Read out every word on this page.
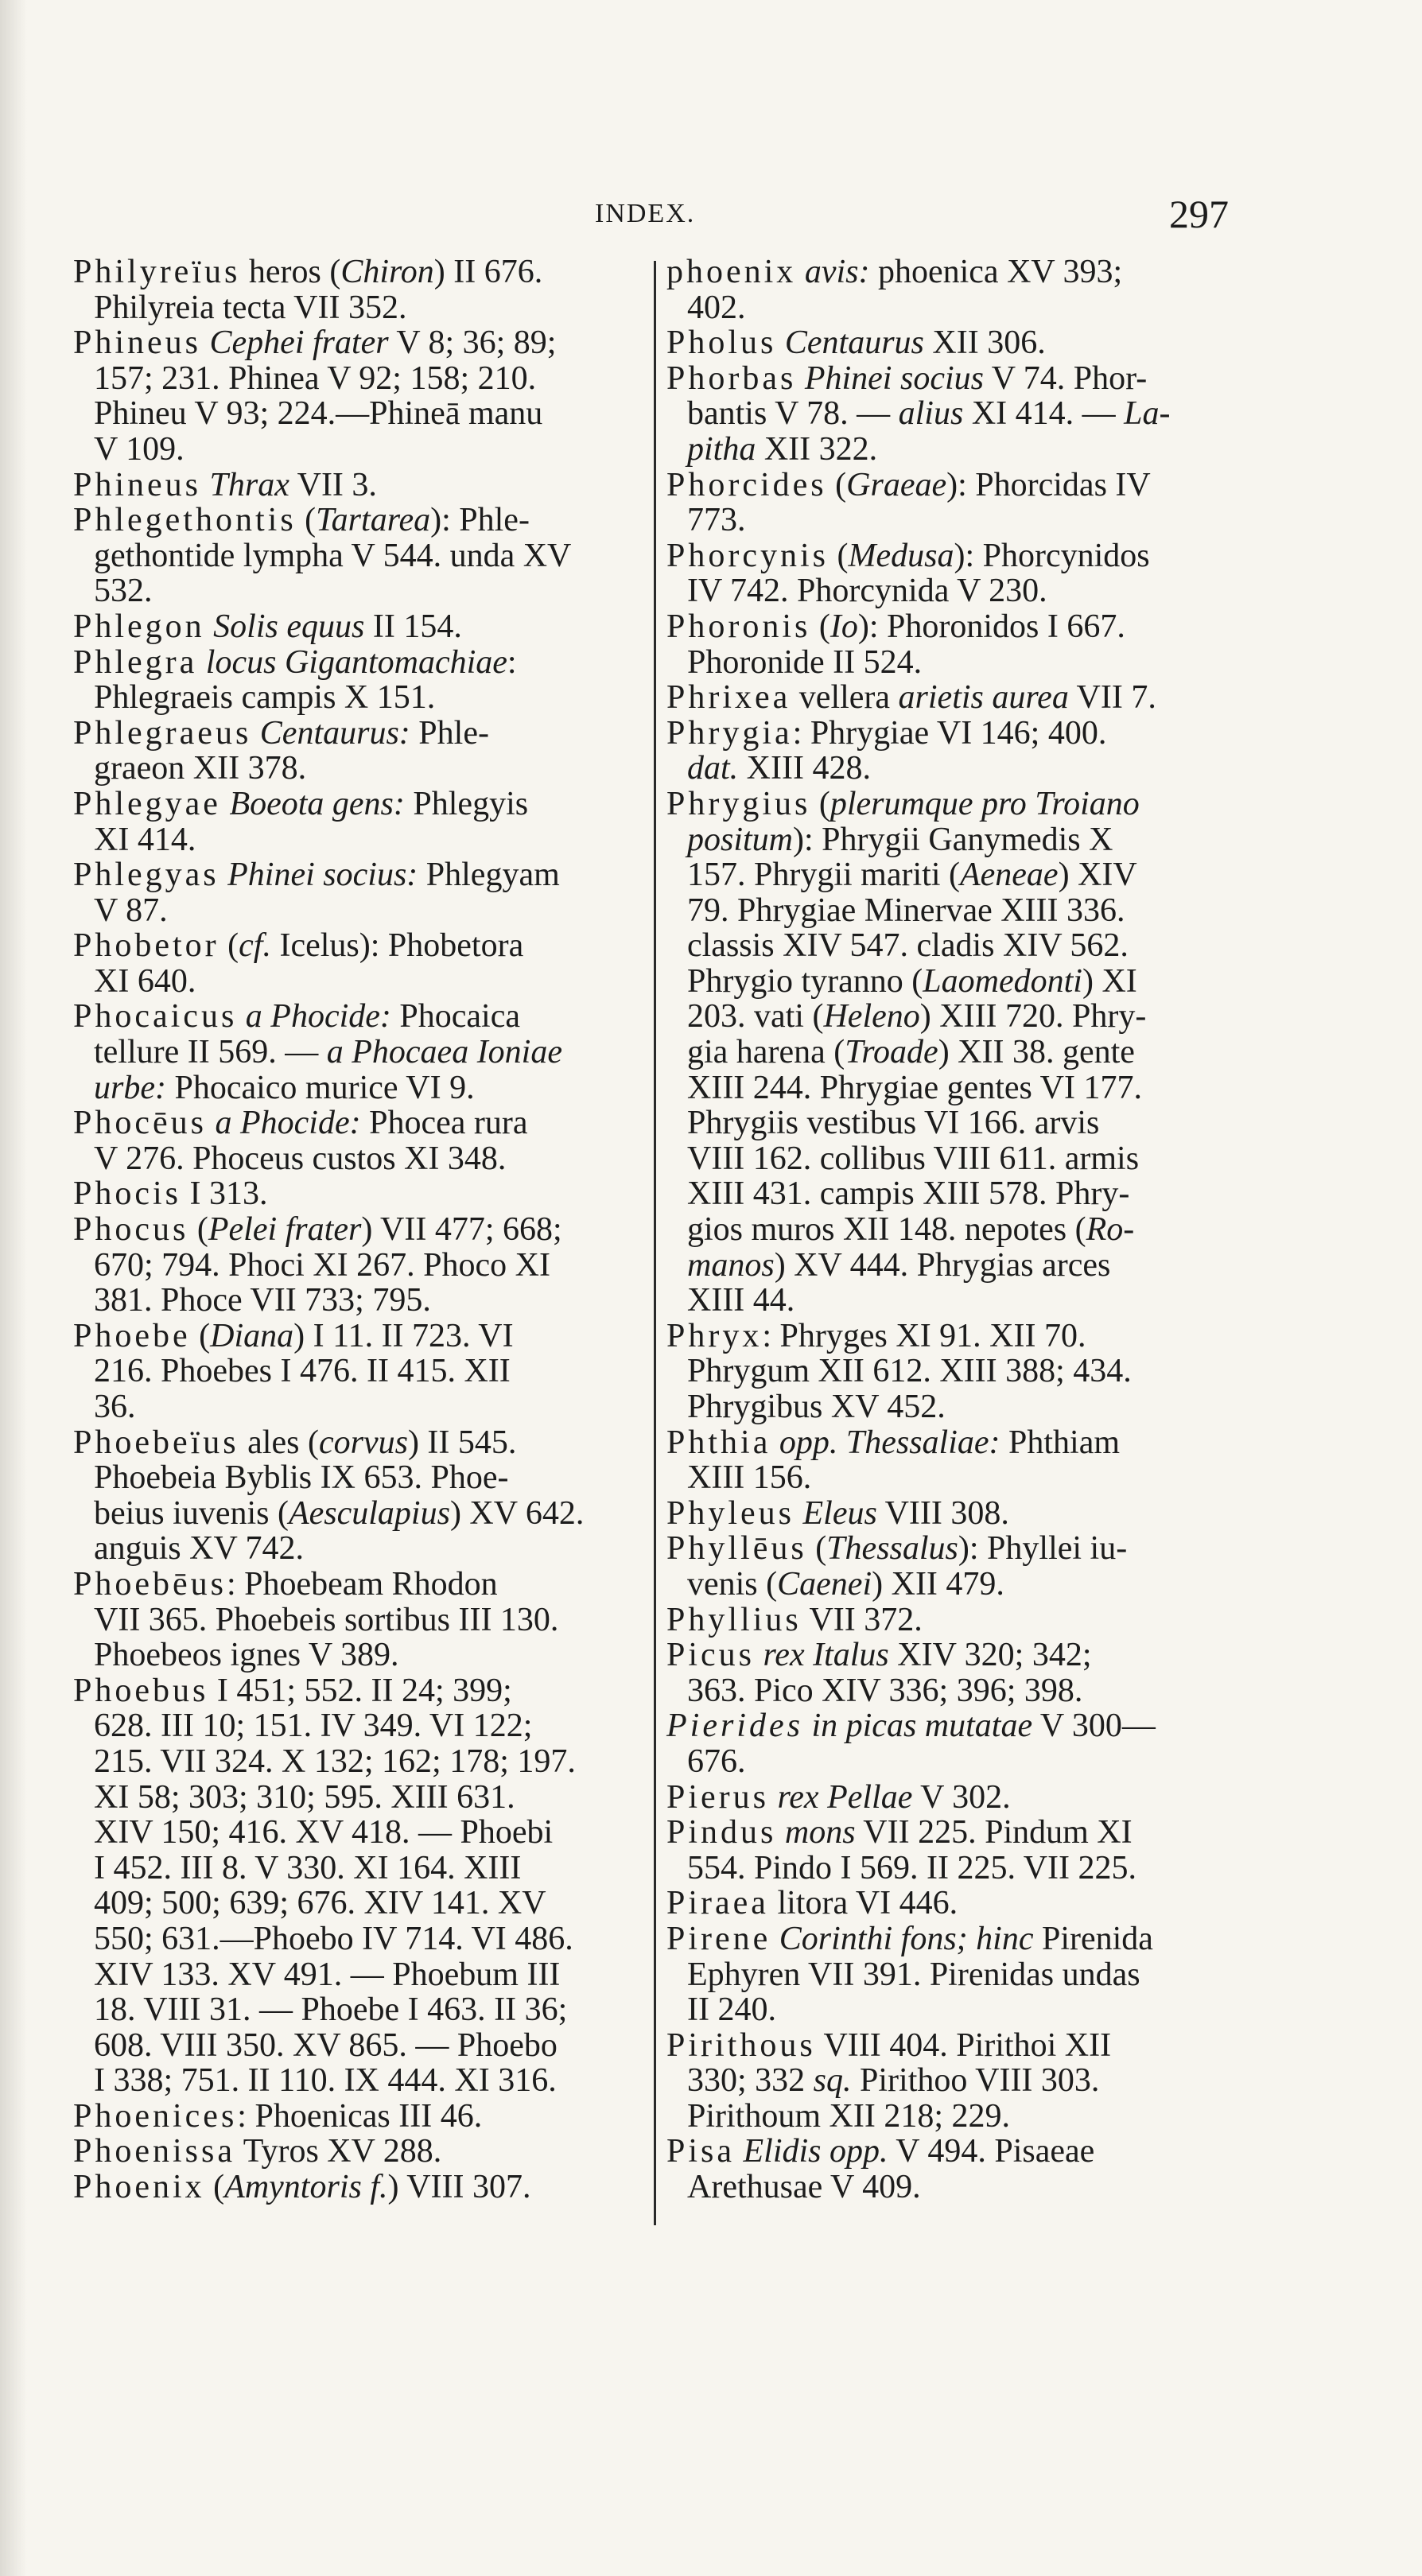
INDEX.	297

Philyreïus heros (Chiron) II 676.
Philyreia tecta VII 352.

Phineus Cephei frater V 8; 36; 89;
157; 231. Phinea V 92; 158; 210.
Phineu V 93; 224.—Phineā manu
V 109.

Phineus Thrax VII 3.

Phlegethontis (Tartarea): Phle-
gethontide lympha V 544. unda XV
532.

Phlegon Solis equus II 154.

Phlegra locus Gigantomachiae:
Phlegraeis campis X 151.

Phlegraeus Centaurus: Phle-
graeon XII 378.

Phlegyae Boeota gens: Phlegyis
XI 414.

Phlegyas Phinei socius: Phlegyam
V 87.

Phobetor (cf. Icelus): Phobetora
XI 640.

Phocaicus a Phocide: Phocaica
tellure II 569. — a Phocaea Ioniae
urbe: Phocaico murice VI 9.

Phocēus a Phocide: Phocea rura
V 276. Phoceus custos XI 348.

Phocis I 313.

Phocus (Pelei frater) VII 477; 668;
670; 794. Phoci XI 267. Phoco XI
381. Phoce VII 733; 795.

Phoebe (Diana) I 11. II 723. VI
216. Phoebes I 476. II 415. XII
36.

Phoebeïus ales (corvus) II 545.
Phoebeia Byblis IX 653. Phoe-
beius iuvenis (Aesculapius) XV 642.
anguis XV 742.

Phoebēus: Phoebeam Rhodon
VII 365. Phoebeis sortibus III 130.
Phoebeos ignes V 389.

Phoebus I 451; 552. II 24; 399;
628. III 10; 151. IV 349. VI 122;
215. VII 324. X 132; 162; 178; 197.
XI 58; 303; 310; 595. XIII 631.
XIV 150; 416. XV 418. — Phoebi
I 452. III 8. V 330. XI 164. XIII
409; 500; 639; 676. XIV 141. XV
550; 631.—Phoebo IV 714. VI 486.
XIV 133. XV 491. — Phoebum III
18. VIII 31. — Phoebe I 463. II 36;
608. VIII 350. XV 865. — Phoebo
I 338; 751. II 110. IX 444. XI 316.

Phoenices: Phoenicas III 46.

Phoenissa Tyros XV 288.

Phoenix (Amyntoris f.) VIII 307.

phoenix avis: phoenica XV 393;
402.

Pholus Centaurus XII 306.

Phorbas Phinei socius V 74. Phor-
bantis V 78. — alius XI 414. — La-
pitha XII 322.

Phorcides (Graeae): Phorcidas IV
773.

Phorcynis (Medusa): Phorcynidos
IV 742. Phorcynida V 230.

Phoronis (Io): Phoronidos I 667.
Phoronide II 524.

Phrixea vellera arietis aurea VII 7.

Phrygia: Phrygiae VI 146; 400.
dat. XIII 428.

Phrygius (plerumque pro Troiano
positum): Phrygii Ganymedis X
157. Phrygii mariti (Aeneae) XIV
79. Phrygiae Minervae XIII 336.
classis XIV 547. cladis XIV 562.
Phrygio tyranno (Laomedonti) XI
203. vati (Heleno) XIII 720. Phry-
gia harena (Troade) XII 38. gente
XIII 244. Phrygiae gentes VI 177.
Phrygiis vestibus VI 166. arvis
VIII 162. collibus VIII 611. armis
XIII 431. campis XIII 578. Phry-
gios muros XII 148. nepotes (Ro-
manos) XV 444. Phrygias arces
XIII 44.

Phryx: Phryges XI 91. XII 70.
Phrygum XII 612. XIII 388; 434.
Phrygibus XV 452.

Phthia opp. Thessaliae: Phthiam
XIII 156.

Phyleus Eleus VIII 308.

Phyllēus (Thessalus): Phyllei iu-
venis (Caenei) XII 479.

Phyllius VII 372.

Picus rex Italus XIV 320; 342;
363. Pico XIV 336; 396; 398.

Pierides in picas mutatae V 300—
676.

Pierus rex Pellae V 302.

Pindus mons VII 225. Pindum XI
554. Pindo I 569. II 225. VII 225.

Piraea litora VI 446.

Pirene Corinthi fons; hinc Pirenida
Ephyren VII 391. Pirenidas undas
II 240.

Pirithous VIII 404. Pirithoi XII
330; 332 sq. Pirithoo VIII 303.
Pirithoum XII 218; 229.

Pisa Elidis opp. V 494. Pisaeae
Arethusae V 409.
